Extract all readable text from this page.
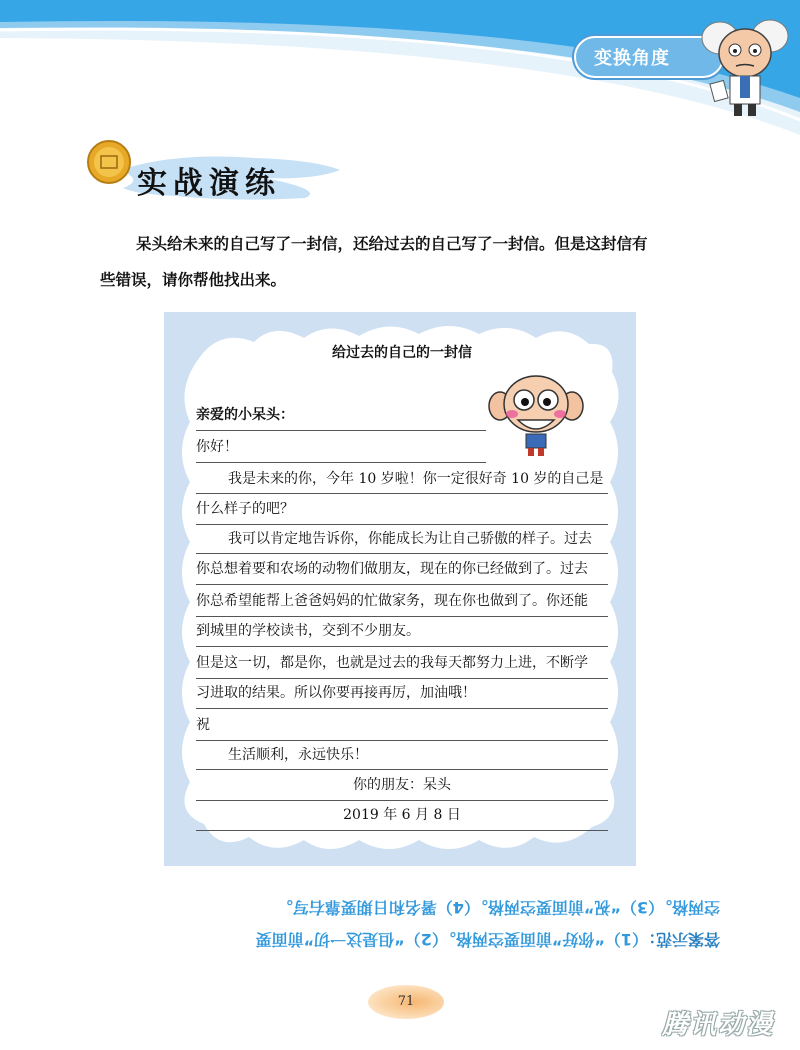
变换角度
实战演练

呆头给未来的自己写了一封信，还给过去的自己写了一封信。但是这封信有

些错误，请你帮他找出来。
给过去的自己的一封信
亲爱的小呆头：
你好！
我是未来的你，今年 10 岁啦！你一定很好奇 10 岁的自己是
什么样子的吧？
我可以肯定地告诉你，你能成长为让自己骄傲的样子。过去
你总想着要和农场的动物们做朋友，现在的你已经做到了。过去
你总希望能帮上爸爸妈妈的忙做家务，现在你也做到了。你还能
到城里的学校读书，交到不少朋友。
但是这一切，都是你，也就是过去的我每天都努力上进，不断学
习进取的结果。所以你要再接再厉，加油哦！
祝
生活顺利，永远快乐！
你的朋友：呆头
2019 年 6 月 8 日

答案示范：（1）“你好”前面要空两格。（2）“但是这一切”前面要

空两格。（3）“祝”前面要空两格。（4）署名和日期要靠右写。

71
腾讯动漫
